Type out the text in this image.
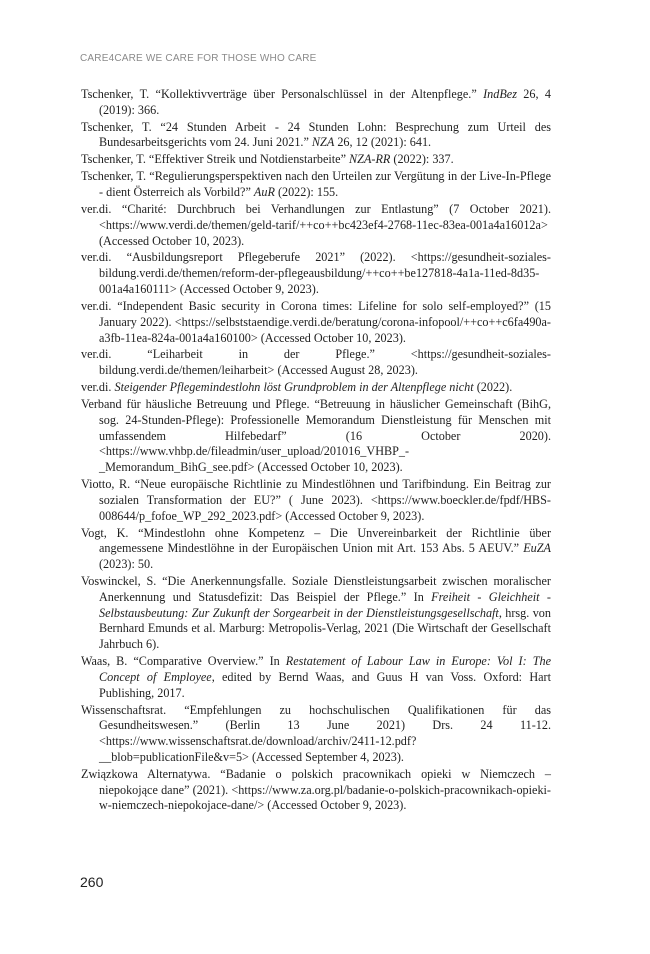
CARE4CARE WE CARE FOR THOSE WHO CARE
Tschenker, T. “Kollektivverträge über Personalschlüssel in der Altenpflege.” IndBez 26, 4 (2019): 366.
Tschenker, T. “24 Stunden Arbeit - 24 Stunden Lohn: Besprechung zum Urteil des Bundesarbeitsgerichts vom 24. Juni 2021.” NZA 26, 12 (2021): 641.
Tschenker, T. “Effektiver Streik und Notdienstarbeite” NZA-RR (2022): 337.
Tschenker, T. “Regulierungsperspektiven nach den Urteilen zur Vergütung in der Live-In-Pflege - dient Österreich als Vorbild?” AuR (2022): 155.
ver.di. “Charité: Durchbruch bei Verhandlungen zur Entlastung” (7 October 2021). <https://www.verdi.de/themen/geld-tarif/++co++bc423ef4-2768-11ec-83ea-001a4a16012a> (Accessed October 10, 2023).
ver.di. “Ausbildungsreport Pflegeberufe 2021” (2022). <https://gesundheit-soziales-bildung.verdi.de/themen/reform-der-pflegeausbildung/++co++be127818-4a1a-11ed-8d35-001a4a160111> (Accessed October 9, 2023).
ver.di. “Independent Basic security in Corona times: Lifeline for solo self-employed?” (15 January 2022). <https://selbststaendige.verdi.de/beratung/corona-infopool/++co++c6fa490a-a3fb-11ea-824a-001a4a160100> (Accessed October 10, 2023).
ver.di. “Leiharbeit in der Pflege.” <https://gesundheit-soziales-bildung.verdi.de/themen/leiharbeit> (Accessed August 28, 2023).
ver.di. Steigender Pflegemindestlohn löst Grundproblem in der Altenpflege nicht (2022).
Verband für häusliche Betreuung und Pflege. “Betreuung in häuslicher Gemeinschaft (BihG, sog. 24-Stunden-Pflege): Professionelle Memorandum Dienstleistung für Menschen mit umfassendem Hilfebedarf” (16 October 2020). <https://www.vhbp.de/fileadmin/user_upload/201016_VHBP_-_Memorandum_BihG_see.pdf> (Accessed October 10, 2023).
Viotto, R. “Neue europäische Richtlinie zu Mindestlöhnen und Tarifbindung. Ein Beitrag zur sozialen Transformation der EU?” ( June 2023). <https://www.boeckler.de/fpdf/HBS-008644/p_fofoe_WP_292_2023.pdf> (Accessed October 9, 2023).
Vogt, K. “Mindestlohn ohne Kompetenz – Die Unvereinbarkeit der Richtlinie über angemessene Mindestlöhne in der Europäischen Union mit Art. 153 Abs. 5 AEUV.” EuZA (2023): 50.
Voswinckel, S. “Die Anerkennungsfalle. Soziale Dienstleistungsarbeit zwischen moralischer Anerkennung und Statusdefizit: Das Beispiel der Pflege.” In Freiheit - Gleichheit - Selbstausbeutung: Zur Zukunft der Sorgearbeit in der Dienstleistungsgesellschaft, hrsg. von Bernhard Emunds et al. Marburg: Metropolis-Verlag, 2021 (Die Wirtschaft der Gesellschaft Jahrbuch 6).
Waas, B. “Comparative Overview.” In Restatement of Labour Law in Europe: Vol I: The Concept of Employee, edited by Bernd Waas, and Guus H van Voss. Oxford: Hart Publishing, 2017.
Wissenschaftsrat. “Empfehlungen zu hochschulischen Qualifikationen für das Gesundheitswesen.” (Berlin 13 June 2021) Drs. 24 11-12. <https://www.wissenschaftsrat.de/download/archiv/2411-12.pdf?__blob=publicationFile&v=5> (Accessed September 4, 2023).
Związkowa Alternatywa. “Badanie o polskich pracownikach opieki w Niemczech – niepokojące dane” (2021). <https://www.za.org.pl/badanie-o-polskich-pracownikach-opieki-w-niemczech-niepokojace-dane/> (Accessed October 9, 2023).
260
